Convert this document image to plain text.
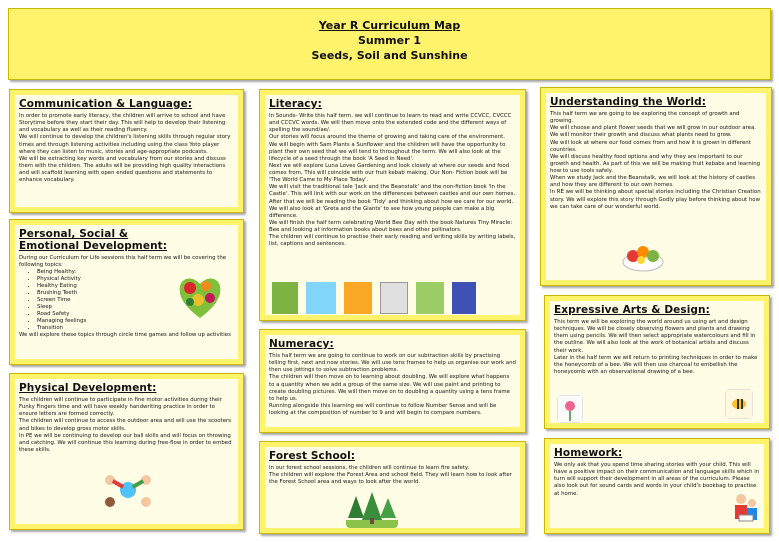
Year R Curriculum Map
Summer 1
Seeds, Soil and Sunshine
Communication & Language:

In order to promote early literacy, the children will arrive to school and have Storytime before they start their day. This will help to develop their listening and vocabulary as well as their reading fluency.

We will continue to develop the children's listening skills through regular story times and through listening activities including using the class Yoto player where they can listen to music, stories and age-appropriate podcasts.

We will be extracting key words and vocabulary from our stories and discuss them with the children. The adults will be providing high quality interactions and will scaffold learning with open ended questions and statements to enhance vocabulary.

Personal, Social & Emotional Development:

During our Curriculum for Life sessions this half term we will be covering the following topics:

• Being Healthy:
• Physical Activity
• Healthy Eating
• Brushing Teeth
• Screen Time
• Sleep
• Road Safety
• Managing feelings
• Transition

We will explore these topics through circle time games and follow up activities

Physical Development:

The children will continue to participate in fine motor activities during their Funky Fingers time and will have weekly handwriting practice in order to ensure letters are formed correctly.

The children will continue to access the outdoor area and will use the scooters and bikes to develop gross motor skills.

In PE we will be continuing to develop our ball skills and will focus on throwing and catching. We will continue this learning during free-flow in order to embed these skills.

Literacy:

In Sounds- Write this half term, we will continue to learn to read and write CCVCC, CVCCC and CCCVC words. We will then move onto the extended code and the different ways of spelling the sound/ae/.

Our stories will focus around the theme of growing and taking care of the environment.

We will begin with Sam Plants a Sunflower and the children will have the opportunity to plant their own seed that we will tend to throughout the term. We will also look at the lifecycle of a seed through the book 'A Seed in Need'.

Next we will explore Luna Loves Gardening and look closely at where our seeds and food comes from. This will coincide with our fruit kebab making. Our Non- Fiction book will be 'The World Came to My Place Today'.

We will visit the traditional tale 'Jack and the Beanstalk' and the non-fiction book 'In the Castle'. This will link with our work on the differences between castles and our own homes.

After that we will be reading the book 'Tidy' and thinking about how we care for our world. We will also look at 'Greta and the Giants' to see how young people can make a big difference.

We will finish the half term celebrating World Bee Day with the book Natures Tiny Miracle: Bee and looking at information books about bees and other pollinators.

The children will continue to practise their early reading and writing skills by writing labels, list, captions and sentences.

Numeracy:

This half term we are going to continue to work on our subtraction skills by practising telling first, next and now stories. We will use tens frames to help us organise our work and then use jottings to solve subtraction problems.

The children will then move on to learning about doubling. We will explore what happens to a quantity when we add a group of the same size. We will use paint and printing to create doubling pictures. We will then move on to doubling a quantity using a tens frame to help us.

Running alongside this learning we will continue to follow Number Sense and will be looking at the composition of number to 9 and will begin to compare numbers.

Forest School:

In our forest school sessions, the children will continue to learn fire safety.

The children will explore the Forest Area and school field. They will learn how to look after the Forest School area and ways to look after the world.

Understanding the World:

This half term we are going to be exploring the concept of growth and growing.

We will choose and plant flower seeds that we will grow in our outdoor area. We will monitor their growth and discuss what plants need to grow.

We will look at where our food comes from and how it is grown in different countries.

We will discuss healthy food options and why they are important to our growth and health. As part of this we will be making fruit kebabs and learning how to use tools safely.

When we study Jack and the Beanstalk, we will look at the history of castles and how they are different to our own homes.

In RE we will be thinking about special stories including the Christian Creation story. We will explore this story through Godly play before thinking about how we can take care of our wonderful world.

Expressive Arts & Design:

This term we will be exploring the world around us using art and design techniques. We will be closely observing flowers and plants and drawing them using pencils. We will then select appropriate watercolours and fill in the outline. We will also look at the work of botanical artists and discuss their work.

Later in the half term we will return to printing techniques in order to make the honeycomb of a bee. We will then use charcoal to embellish the honeycomb with an observational drawing of a bee.

Homework:

We only ask that you spend time sharing stories with your child. This will have a positive impact on their communication and language skills which in turn will support their development in all areas of the curriculum. Please also look out for sound cards and words in your child's bookbag to practise at home.
